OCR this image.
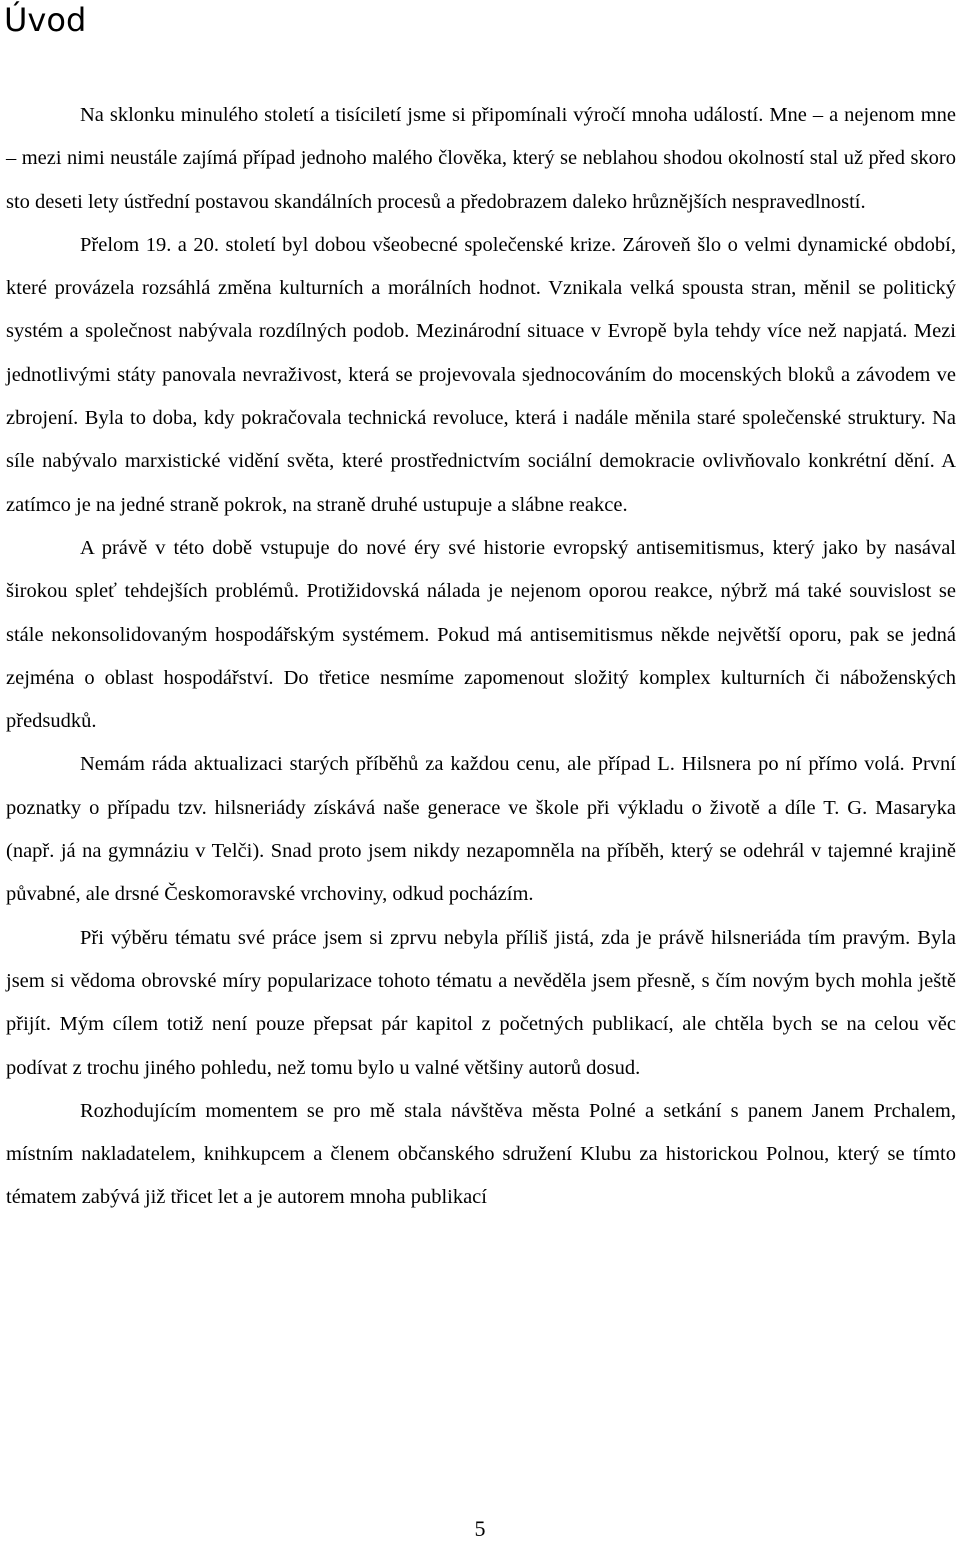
Úvod

Na sklonku minulého století a tisíciletí jsme si připomínali výročí mnoha událostí. Mne – a nejenom mne – mezi nimi neustále zajímá případ jednoho malého člověka, který se neblahou shodou okolností stal už před skoro sto deseti lety ústřední postavou skandálních procesů a předobrazem daleko hrůznějších nespravedlností.

Přelom 19. a 20. století byl dobou všeobecné společenské krize. Zároveň šlo o velmi dynamické období, které provázela rozsáhlá změna kulturních a morálních hodnot. Vznikala velká spousta stran, měnil se politický systém a společnost nabývala rozdílných podob. Mezinárodní situace v Evropě byla tehdy více než napjatá. Mezi jednotlivými státy panovala nevraživost, která se projevovala sjednocováním do mocenských bloků a závodem ve zbrojení. Byla to doba, kdy pokračovala technická revoluce, která i nadále měnila staré společenské struktury. Na síle nabývalo marxistické vidění světa, které prostřednictvím sociální demokracie ovlivňovalo konkrétní dění. A zatímco je na jedné straně pokrok, na straně druhé ustupuje a slábne reakce.

A právě v této době vstupuje do nové éry své historie evropský antisemitismus, který jako by nasával širokou spleť tehdejších problémů. Protižidovská nálada je nejenom oporou reakce, nýbrž má také souvislost se stále nekonsolidovaným hospodářským systémem. Pokud má antisemitismus někde největší oporu, pak se jedná zejména o oblast hospodářství. Do třetice nesmíme zapomenout složitý komplex kulturních či náboženských předsudků.

Nemám ráda aktualizaci starých příběhů za každou cenu, ale případ L. Hilsnera po ní přímo volá. První poznatky o případu tzv. hilsneriády získává naše generace ve škole při výkladu o životě a díle T. G. Masaryka (např. já na gymnáziu v Telči). Snad proto jsem nikdy nezapomněla na příběh, který se odehrál v tajemné krajině půvabné, ale drsné Českomoravské vrchoviny, odkud pocházím.

Při výběru tématu své práce jsem si zprvu nebyla příliš jistá, zda je právě hilsneriáda tím pravým. Byla jsem si vědoma obrovské míry popularizace tohoto tématu a nevěděla jsem přesně, s čím novým bych mohla ještě přijít. Mým cílem totiž není pouze přepsat pár kapitol z početných publikací, ale chtěla bych se na celou věc podívat z trochu jiného pohledu, než tomu bylo u valné většiny autorů dosud.

Rozhodujícím momentem se pro mě stala návštěva města Polné a setkání s panem Janem Prchalem, místním nakladatelem, knihkupcem a členem občanského sdružení Klubu za historickou Polnou, který se tímto tématem zabývá již třicet let a je autorem mnoha publikací

5
